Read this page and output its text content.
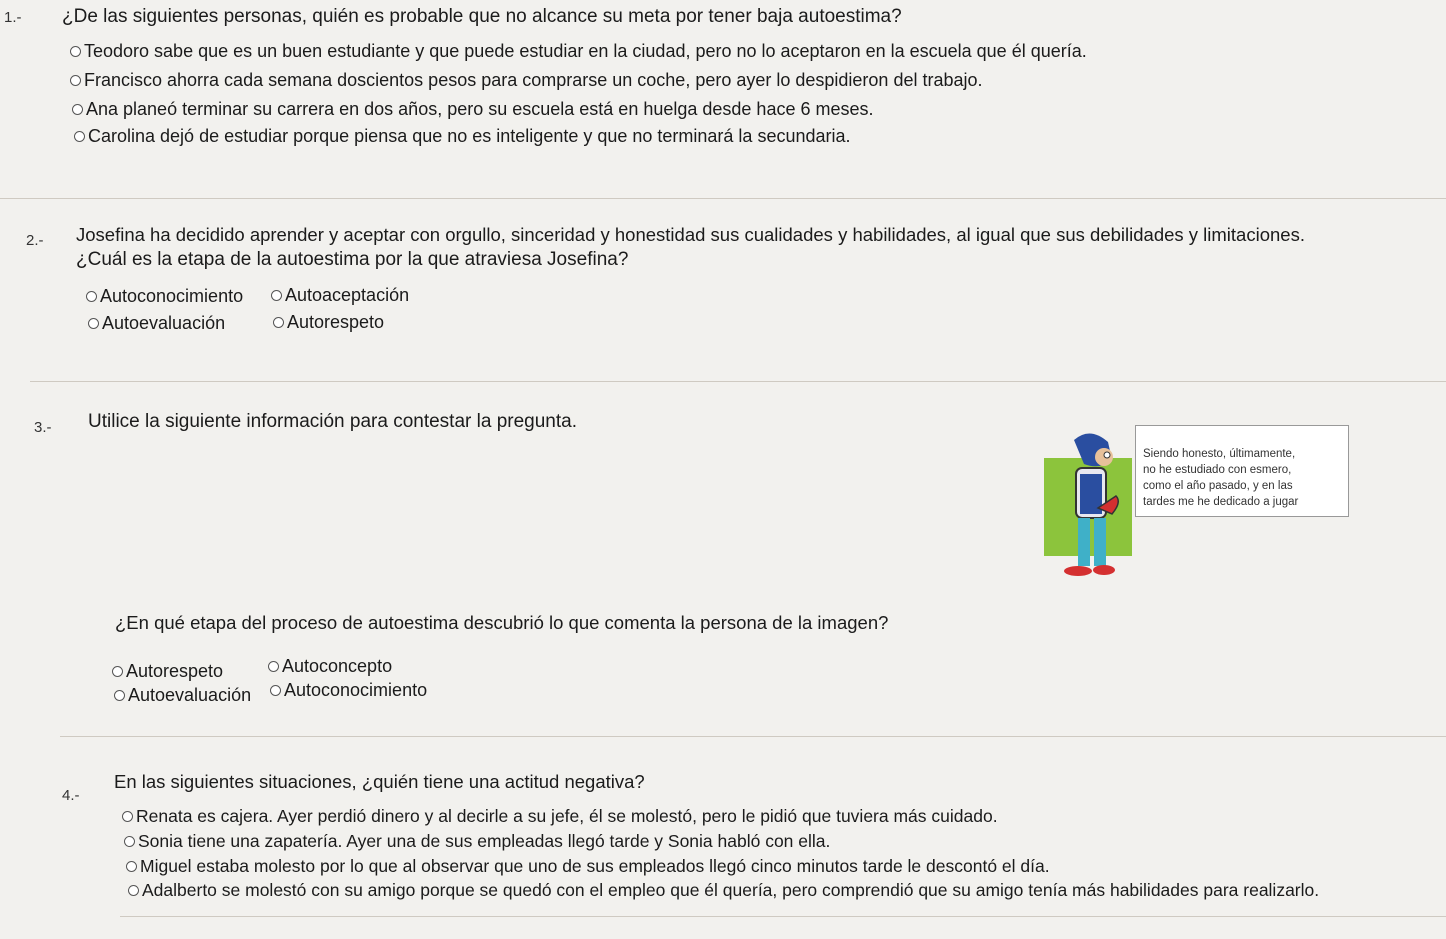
1.- ¿De las siguientes personas, quién es probable que no alcance su meta por tener baja autoestima?
Teodoro sabe que es un buen estudiante y que puede estudiar en la ciudad, pero no lo aceptaron en la escuela que él quería.
Francisco ahorra cada semana doscientos pesos para comprarse un coche, pero ayer lo despidieron del trabajo.
Ana planeó terminar su carrera en dos años, pero su escuela está en huelga desde hace 6 meses.
Carolina dejó de estudiar porque piensa que no es inteligente y que no terminará la secundaria.
2.- Josefina ha decidido aprender y aceptar con orgullo, sinceridad y honestidad sus cualidades y habilidades, al igual que sus debilidades y limitaciones.
¿Cuál es la etapa de la autoestima por la que atraviesa Josefina?
Autoconocimiento Autoaceptación
Autoevaluación	Autorespeto
3.- Utilice la siguiente información para contestar la pregunta.
Siendo honesto, últimamente,
no he estudiado con esmero,
como el año pasado, y en las
tardes me he dedicado a jugar
¿En qué etapa del proceso de autoestima descubrió lo que comenta la persona de la imagen?
Autorespeto	Autoconcepto
Autoevaluación Autoconocimiento
4.-
En las siguientes situaciones, ¿quién tiene una actitud negativa?
Renata es cajera. Ayer perdió dinero y al decirle a su jefe, él se molestó, pero le pidió que tuviera más cuidado.
Sonia tiene una zapatería. Ayer una de sus empleadas llegó tarde y Sonia habló con ella.
Miguel estaba molesto por lo que al observar que uno de sus empleados llegó cinco minutos tarde le descontó el día.
Adalberto se molestó con su amigo porque se quedó con el empleo que él quería, pero comprendió que su amigo tenía más habilidades para realizarlo.
